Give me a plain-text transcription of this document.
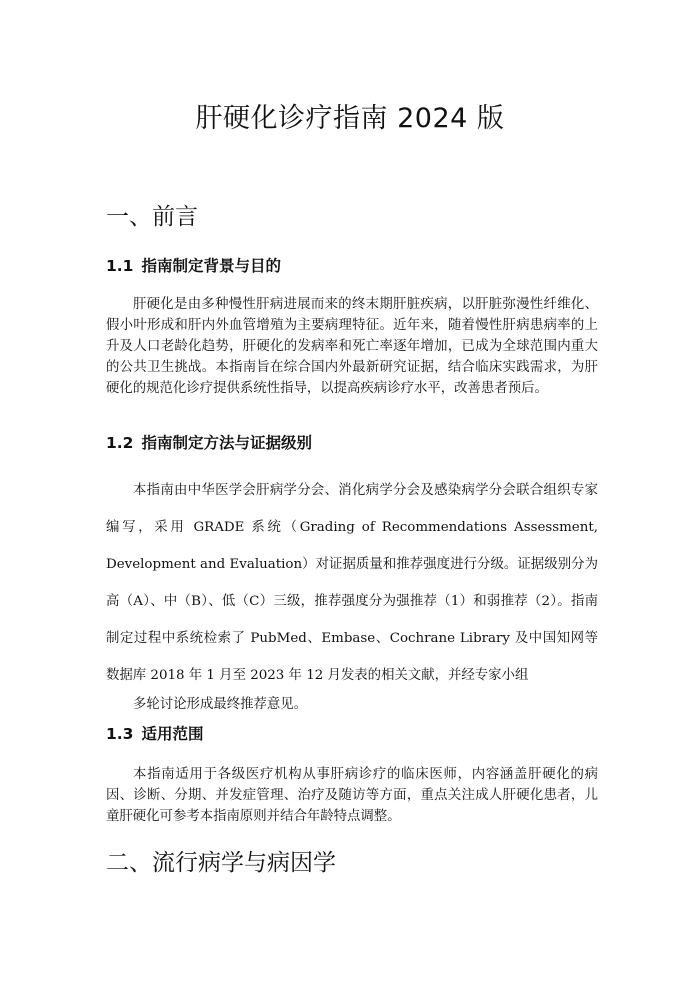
肝硬化诊疗指南 2024 版
一、前言
1.1 指南制定背景与目的

肝硬化是由多种慢性肝病进展而来的终末期肝脏疾病，以肝脏弥漫性纤维化、假小叶形成和肝内外血管增殖为主要病理特征。近年来，随着慢性肝病患病率的上升及人口老龄化趋势，肝硬化的发病率和死亡率逐年增加，已成为全球范围内重大的公共卫生挑战。本指南旨在综合国内外最新研究证据，结合临床实践需求，为肝硬化的规范化诊疗提供系统性指导，以提高疾病诊疗水平，改善患者预后。

1.2 指南制定方法与证据级别

本指南由中华医学会肝病学分会、消化病学分会及感染病学分会联合组织专家编写，采用 GRADE 系统（Grading of Recommendations Assessment, Development and Evaluation）对证据质量和推荐强度进行分级。证据级别分为高（A）、中（B）、低（C）三级，推荐强度分为强推荐（1）和弱推荐（2）。指南制定过程中系统检索了 PubMed、Embase、Cochrane Library 及中国知网等数据库 2018 年 1 月至 2023 年 12 月发表的相关文献，并经专家小组
多轮讨论形成最终推荐意见。

1.3 适用范围

本指南适用于各级医疗机构从事肝病诊疗的临床医师，内容涵盖肝硬化的病因、诊断、分期、并发症管理、治疗及随访等方面，重点关注成人肝硬化患者，儿童肝硬化可参考本指南原则并结合年龄特点调整。

二、流行病学与病因学
